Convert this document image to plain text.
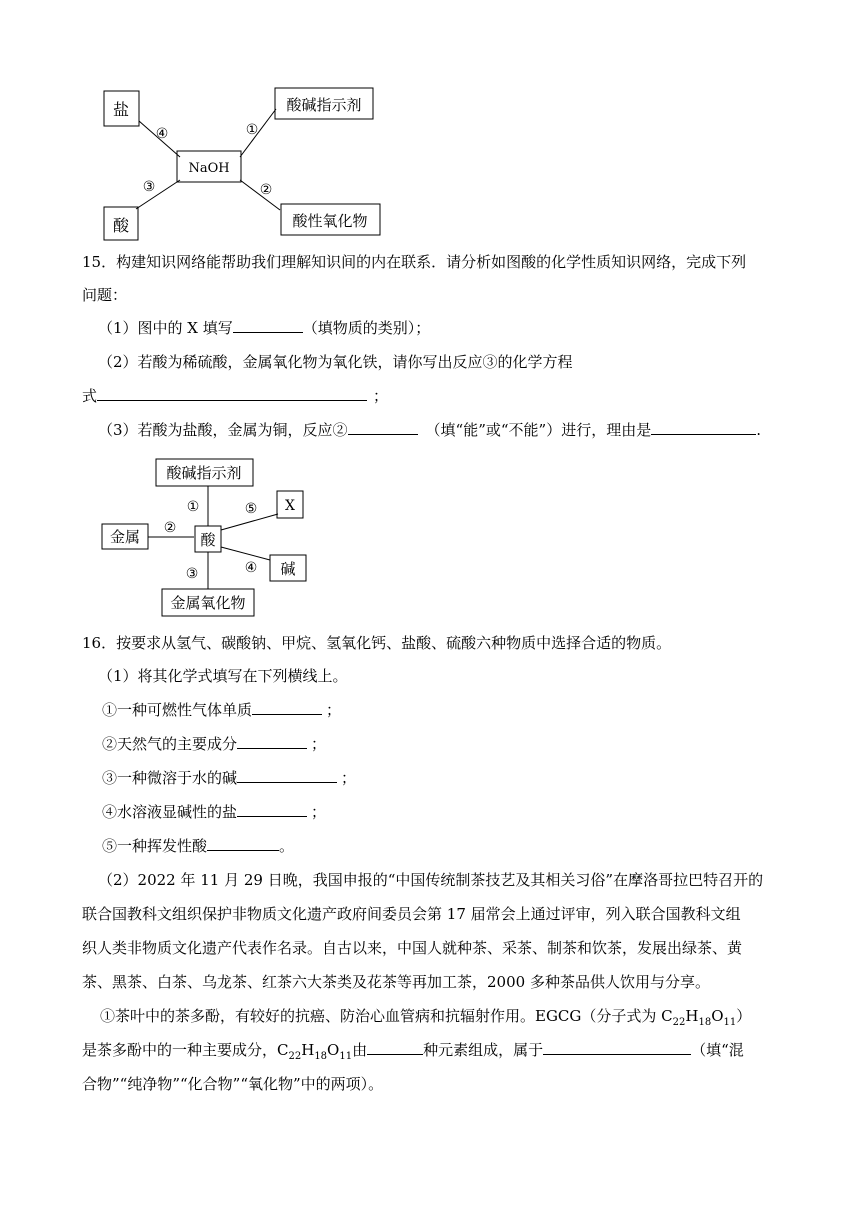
盐	酸碱指示剂
NaOH
酸	酸性氧化物
④	①
③	②
15．构建知识网络能帮助我们理解知识间的内在联系．请分析如图酸的化学性质知识网络，完成下列
问题：
（1）图中的 X 填写	（填物质的类别）；
（2）若酸为稀硫酸，金属氧化物为氧化铁，请你写出反应③的化学方程
式	；
（3）若酸为盐酸，金属为铜，反应②	（填“能”或“不能”）进行，理由是	.
酸碱指示剂
X
金属	酸
碱
金属氧化物
①	⑤
②
④
③
16．按要求从氢气、碳酸钠、甲烷、氢氧化钙、盐酸、硫酸六种物质中选择合适的物质。
（1）将其化学式填写在下列横线上。
①一种可燃性气体单质	；
②天然气的主要成分	；
③一种微溶于水的碱	；
④水溶液显碱性的盐	；
⑤一种挥发性酸	。
（2）2022 年 11 月 29 日晚，我国申报的“中国传统制茶技艺及其相关习俗”在摩洛哥拉巴特召开的
联合国教科文组织保护非物质文化遗产政府间委员会第 17 届常会上通过评审，列入联合国教科文组
织人类非物质文化遗产代表作名录。自古以来，中国人就种茶、采茶、制茶和饮茶，发展出绿茶、黄
茶、黑茶、白茶、乌龙茶、红茶六大茶类及花茶等再加工茶，2000 多种茶品供人饮用与分享。
①茶叶中的茶多酚，有较好的抗癌、防治心血管病和抗辐射作用。EGCG（分子式为 $C_{22}H_{18}O_{11}$）
是茶多酚中的一种主要成分，$C_{22}H_{18}O_{11}$由	种元素组成，属于	（填“混
合物”“纯净物”“化合物”“氧化物”中的两项）。
